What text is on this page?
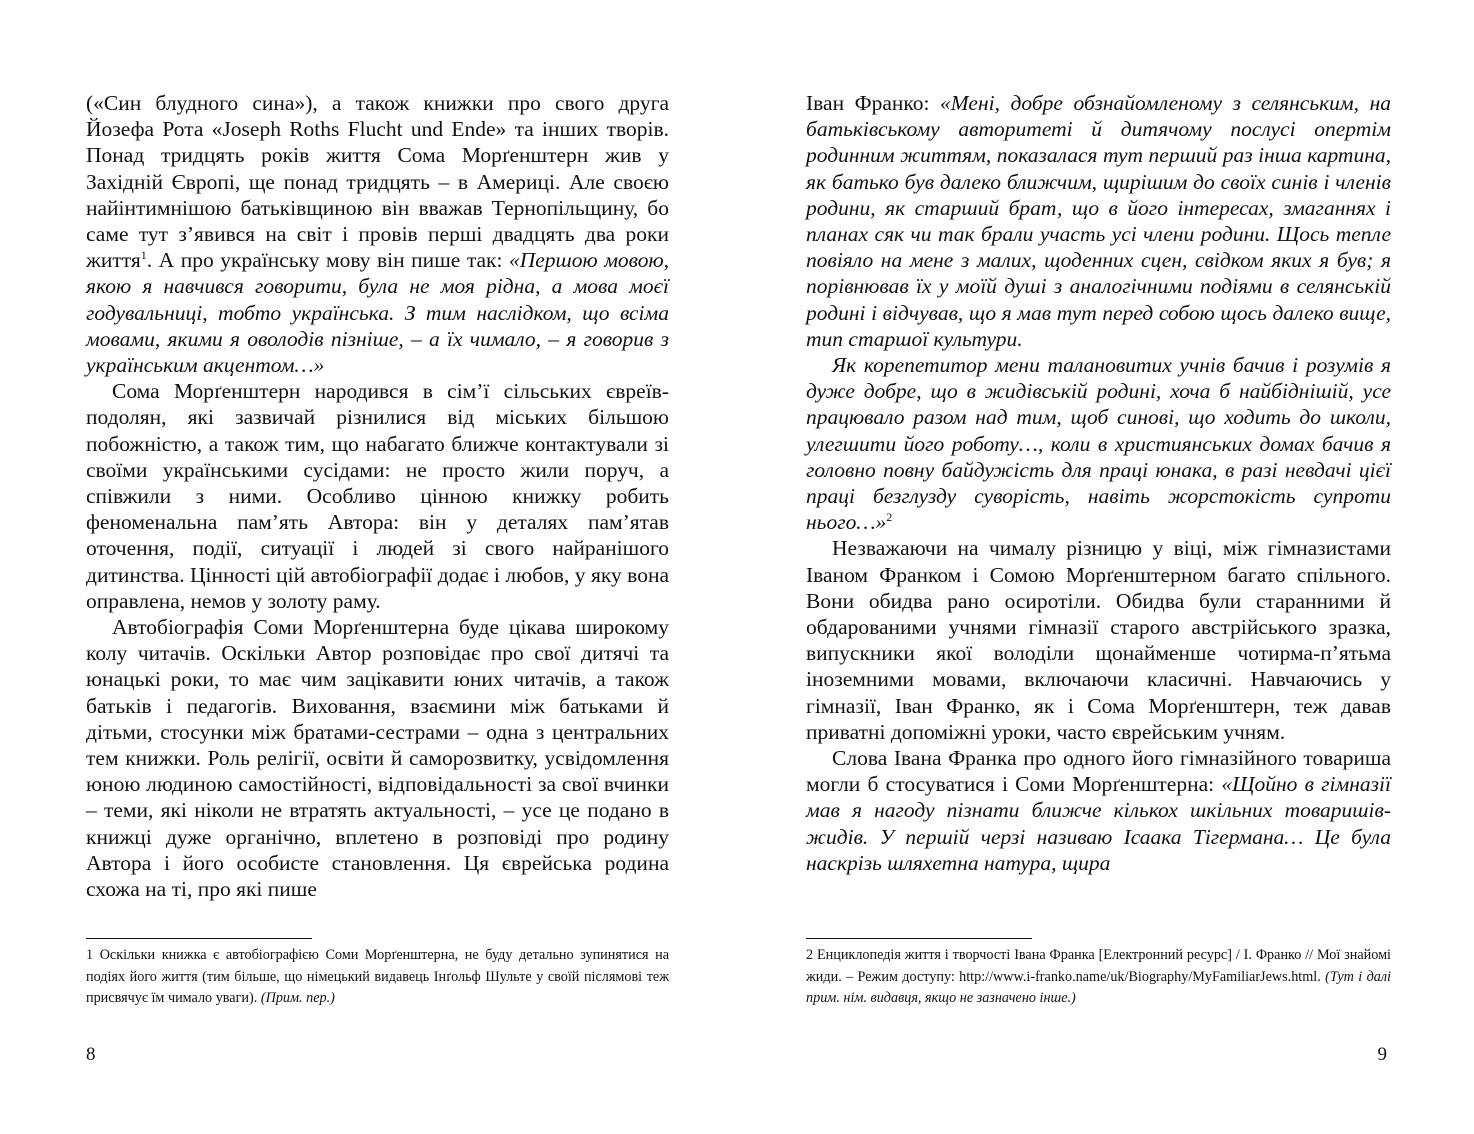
(«Син блудного сина»), а також книжки про свого друга Йозефа Рота «Joseph Roths Flucht und Ende» та інших творів. Понад тридцять років життя Сома Морґенштерн жив у Західній Європі, ще понад тридцять – в Америці. Але своєю найінтимнішою батьківщиною він вважав Тернопільщину, бо саме тут з’явився на світ і провів перші двадцять два роки життя$^1$. А про українську мову він пише так: «Першою мовою, якою я навчився говорити, була не моя рідна, а мова моєї годувальниці, тобто українська. З тим наслідком, що всіма мовами, якими я оволодів пізніше, – а їх чимало, – я говорив з українським акцентом…»

Сома Морґенштерн народився в сім’ї сільських євреїв-подолян, які зазвичай різнилися від міських більшою побожністю, а також тим, що набагато ближче контактували зі своїми українськими сусідами: не просто жили поруч, а співжили з ними. Особливо цінною книжку робить феноменальна пам’ять Автора: він у деталях пам’ятав оточення, події, ситуації і людей зі свого найранішого дитинства. Цінності цій автобіографії додає і любов, у яку вона оправлена, немов у золоту раму.

Автобіографія Соми Морґенштерна буде цікава широкому колу читачів. Оскільки Автор розповідає про свої дитячі та юнацькі роки, то має чим зацікавити юних читачів, а також батьків і педагогів. Виховання, взаємини між батьками й дітьми, стосунки між братами-сестрами – одна з центральних тем книжки. Роль релігії, освіти й саморозвитку, усвідомлення юною людиною самостійності, відповідальності за свої вчинки – теми, які ніколи не втратять актуальності, – усе це подано в книжці дуже органічно, вплетено в розповіді про родину Автора і його особисте становлення. Ця єврейська родина схожа на ті, про які пише

1 Оскільки книжка є автобіографією Соми Морґенштерна, не буду детально зупинятися на подіях його життя (тим більше, що німецький видавець Інґольф Шульте у своїй післямові теж присвячує їм чимало уваги). (Прим. пер.)

8

Іван Франко: «Мені, добре обзнайомленому з селянським, на батьківському авторитеті й дитячому послусі опертім родинним життям, показалася тут перший раз інша картина, як батько був далеко ближчим, щирішим до своїх синів і членів родини, як старший брат, що в його інтересах, змаганнях і планах сяк чи так брали участь усі члени родини. Щось тепле повіяло на мене з малих, щоденних сцен, свідком яких я був; я порівнював їх у моїй душі з аналогічними подіями в селянській родині і відчував, що я мав тут перед собою щось далеко вище, тип старшої культури.

Як корепетитор мени талановитих учнів бачив і розумів я дуже добре, що в жидівській родині, хоча б найбіднішій, усе працювало разом над тим, щоб синові, що ходить до школи, улегшити його роботу…, коли в християнських домах бачив я головно повну байдужість для праці юнака, в разі невдачі цієї праці безглузду суворість, навіть жорстокість супроти нього…»$^2$

Незважаючи на чималу різницю у віці, між гімназистами Іваном Франком і Сомою Морґенштерном багато спільного. Вони обидва рано осиротіли. Обидва були старанними й обдарованими учнями гімназії старого австрійського зразка, випускники якої володіли щонайменше чотирма-п’ятьма іноземними мовами, включаючи класичні. Навчаючись у гімназії, Іван Франко, як і Сома Морґенштерн, теж давав приватні допоміжні уроки, часто єврейським учням.

Слова Івана Франка про одного його гімназійного товариша могли б стосуватися і Соми Морґенштерна: «Щойно в гімназії мав я нагоду пізнати ближче кількох шкільних товаришів-жидів. У першій черзі називаю Ісаака Тігермана… Це була наскрізь шляхетна натура, щира

2 Енциклопедія життя і творчості Івана Франка [Електронний ресурс] / І. Франко // Мої знайомі жиди. – Режим доступу: http://www.i-franko.name/uk/Biography/MyFamiliarJews.html. (Тут і далі прим. нім. видавця, якщо не зазначено інше.)

9
